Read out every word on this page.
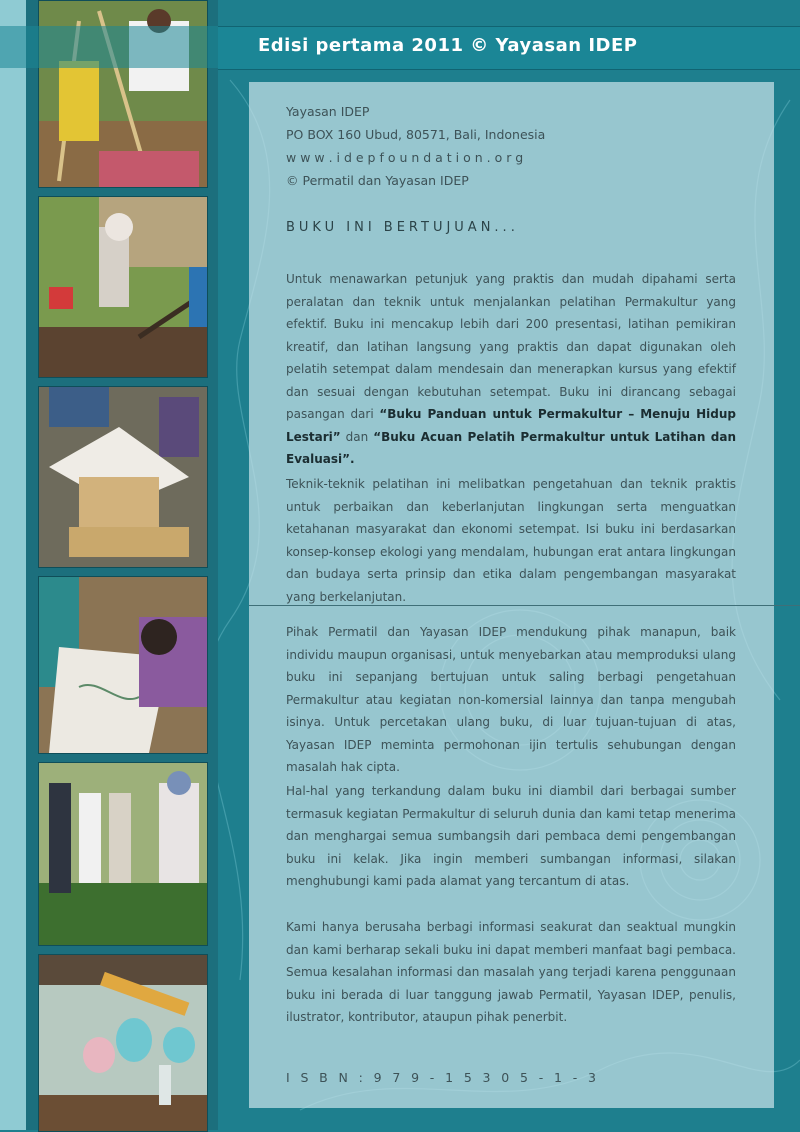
Edisi pertama 2011 © Yayasan IDEP
Yayasan IDEP
PO BOX 160 Ubud, 80571, Bali, Indonesia
w w w . i d e p f o u n d a t i o n . o r g
© Permatil dan Yayasan IDEP
BUKU INI BERTUJUAN...
Untuk menawarkan petunjuk yang praktis dan mudah dipahami serta peralatan dan teknik untuk menjalankan pelatihan Permakultur yang efektif. Buku ini mencakup lebih dari 200 presentasi, latihan pemikiran kreatif, dan latihan langsung yang praktis dan dapat digunakan oleh pelatih setempat dalam mendesain dan menerapkan kursus yang efektif dan sesuai dengan kebutuhan setempat. Buku ini dirancang sebagai pasangan dari “Buku Panduan untuk Permakultur – Menuju Hidup Lestari” dan “Buku Acuan Pelatih Permakultur untuk Latihan dan Evaluasi”.
Teknik-teknik pelatihan ini melibatkan pengetahuan dan teknik praktis untuk perbaikan dan keberlanjutan lingkungan serta menguatkan ketahanan masyarakat dan ekonomi setempat. Isi buku ini berdasarkan konsep-konsep ekologi yang mendalam, hubungan erat antara lingkungan dan budaya serta prinsip dan etika dalam pengembangan masyarakat yang berkelanjutan.
Pihak Permatil dan Yayasan IDEP mendukung pihak manapun, baik individu maupun organisasi, untuk menyebarkan atau memproduksi ulang buku ini sepanjang bertujuan untuk saling berbagi pengetahuan Permakultur atau kegiatan non-komersial lainnya dan tanpa mengubah isinya. Untuk percetakan ulang buku, di luar tujuan-tujuan di atas, Yayasan IDEP meminta permohonan ijin tertulis sehubungan dengan masalah hak cipta.
Hal-hal yang terkandung dalam buku ini diambil dari berbagai sumber termasuk kegiatan Permakultur di seluruh dunia dan kami tetap menerima dan menghargai semua sumbangsih dari pembaca demi pengembangan buku ini kelak. Jika ingin memberi sumbangan informasi, silakan menghubungi kami pada alamat yang tercantum di atas.
Kami hanya berusaha berbagi informasi seakurat dan seaktual mungkin dan kami berharap sekali buku ini dapat memberi manfaat bagi pembaca. Semua kesalahan informasi dan masalah yang terjadi karena penggunaan buku ini berada di luar tanggung jawab Permatil, Yayasan IDEP, penulis, ilustrator, kontributor, ataupun pihak penerbit.
I S B N : 9 7 9 - 1 5 3 0 5 - 1 - 3
